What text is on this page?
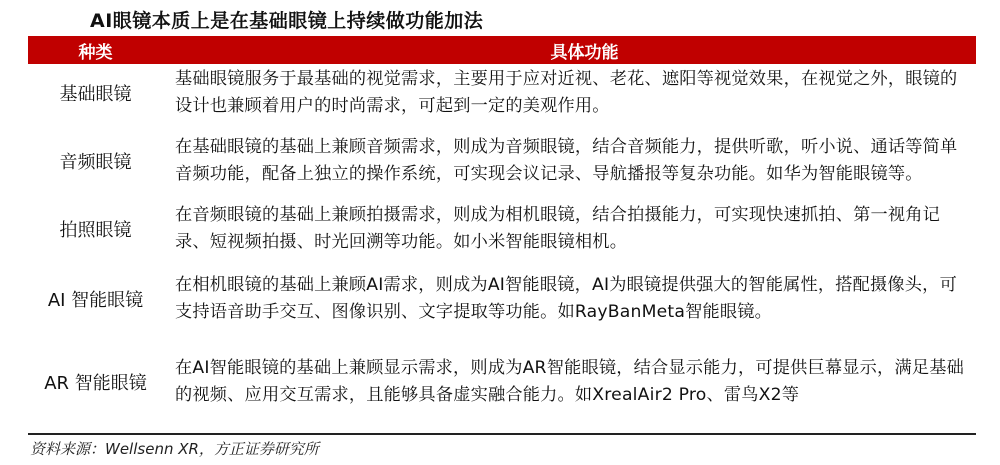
AI眼镜本质上是在基础眼镜上持续做功能加法
种类	具体功能
基础眼镜
基础眼镜服务于最基础的视觉需求，主要用于应对近视、老花、遮阳等视觉效果，在视觉之外，眼镜的设计也兼顾着用户的时尚需求，可起到一定的美观作用。
音频眼镜
在基础眼镜的基础上兼顾音频需求，则成为音频眼镜，结合音频能力，提供听歌，听小说、通话等简单音频功能，配备上独立的操作系统，可实现会议记录、导航播报等复杂功能。如华为智能眼镜等。
拍照眼镜
在音频眼镜的基础上兼顾拍摄需求，则成为相机眼镜，结合拍摄能力，可实现快速抓拍、第一视角记录、短视频拍摄、时光回溯等功能。如小米智能眼镜相机。
AI 智能眼镜
在相机眼镜的基础上兼顾AI需求，则成为AI智能眼镜，AI为眼镜提供强大的智能属性，搭配摄像头，可支持语音助手交互、图像识别、文字提取等功能。如RayBanMeta智能眼镜。
AR 智能眼镜
在AI智能眼镜的基础上兼顾显示需求，则成为AR智能眼镜，结合显示能力，可提供巨幕显示，满足基础的视频、应用交互需求，且能够具备虚实融合能力。如XrealAir2 Pro、雷鸟X2等
资料来源：Wellsenn XR，方正证券研究所
